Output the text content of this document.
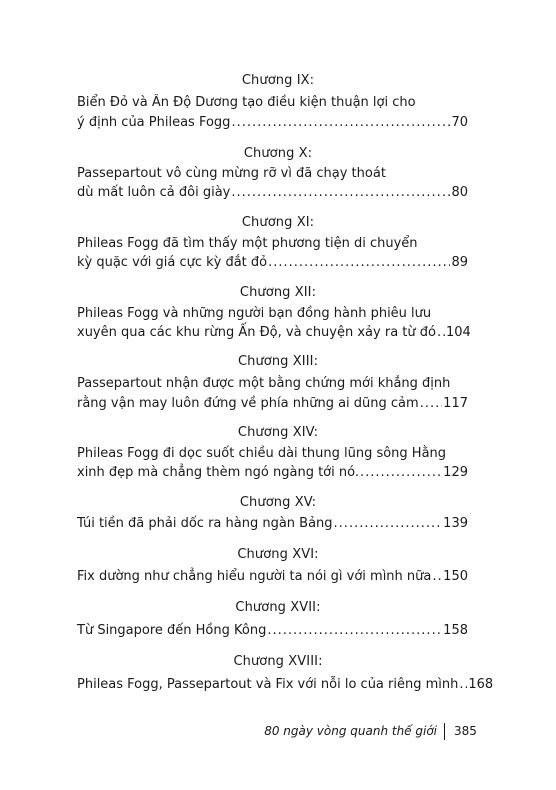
Chương IX:
Biển Đỏ và Ấn Độ Dương tạo điều kiện thuận lợi cho
ý định của Phileas Fogg .....	70
Chương X:
Passepartout vô cùng mừng rỡ vì đã chạy thoát
dù mất luôn cả đôi giày .....	80
Chương XI:
Phileas Fogg đã tìm thấy một phương tiện di chuyển
kỳ quặc với giá cực kỳ đắt đỏ .....	89
Chương XII:
Phileas Fogg và những người bạn đồng hành phiêu lưu
xuyên qua các khu rừng Ấn Độ, và chuyện xảy ra từ đó ..... 104
Chương XIII:
Passepartout nhận được một bằng chứng mới khẳng định
rằng vận may luôn đứng về phía những ai dũng cảm ..... 117
Chương XIV:
Phileas Fogg đi dọc suốt chiều dài thung lũng sông Hằng
xinh đẹp mà chẳng thèm ngó ngàng tới nó. .....	129
Chương XV:
Túi tiền đã phải dốc ra hàng ngàn Bảng .....	139
Chương XVI:
Fix dường như chẳng hiểu người ta nói gì với mình nữa ..... 150
Chương XVII:
Từ Singapore đến Hồng Kông .....	158
Chương XVIII:
Phileas Fogg, Passepartout và Fix với nỗi lo của riêng mình ..... 168
80 ngày vòng quanh thế giới 385
